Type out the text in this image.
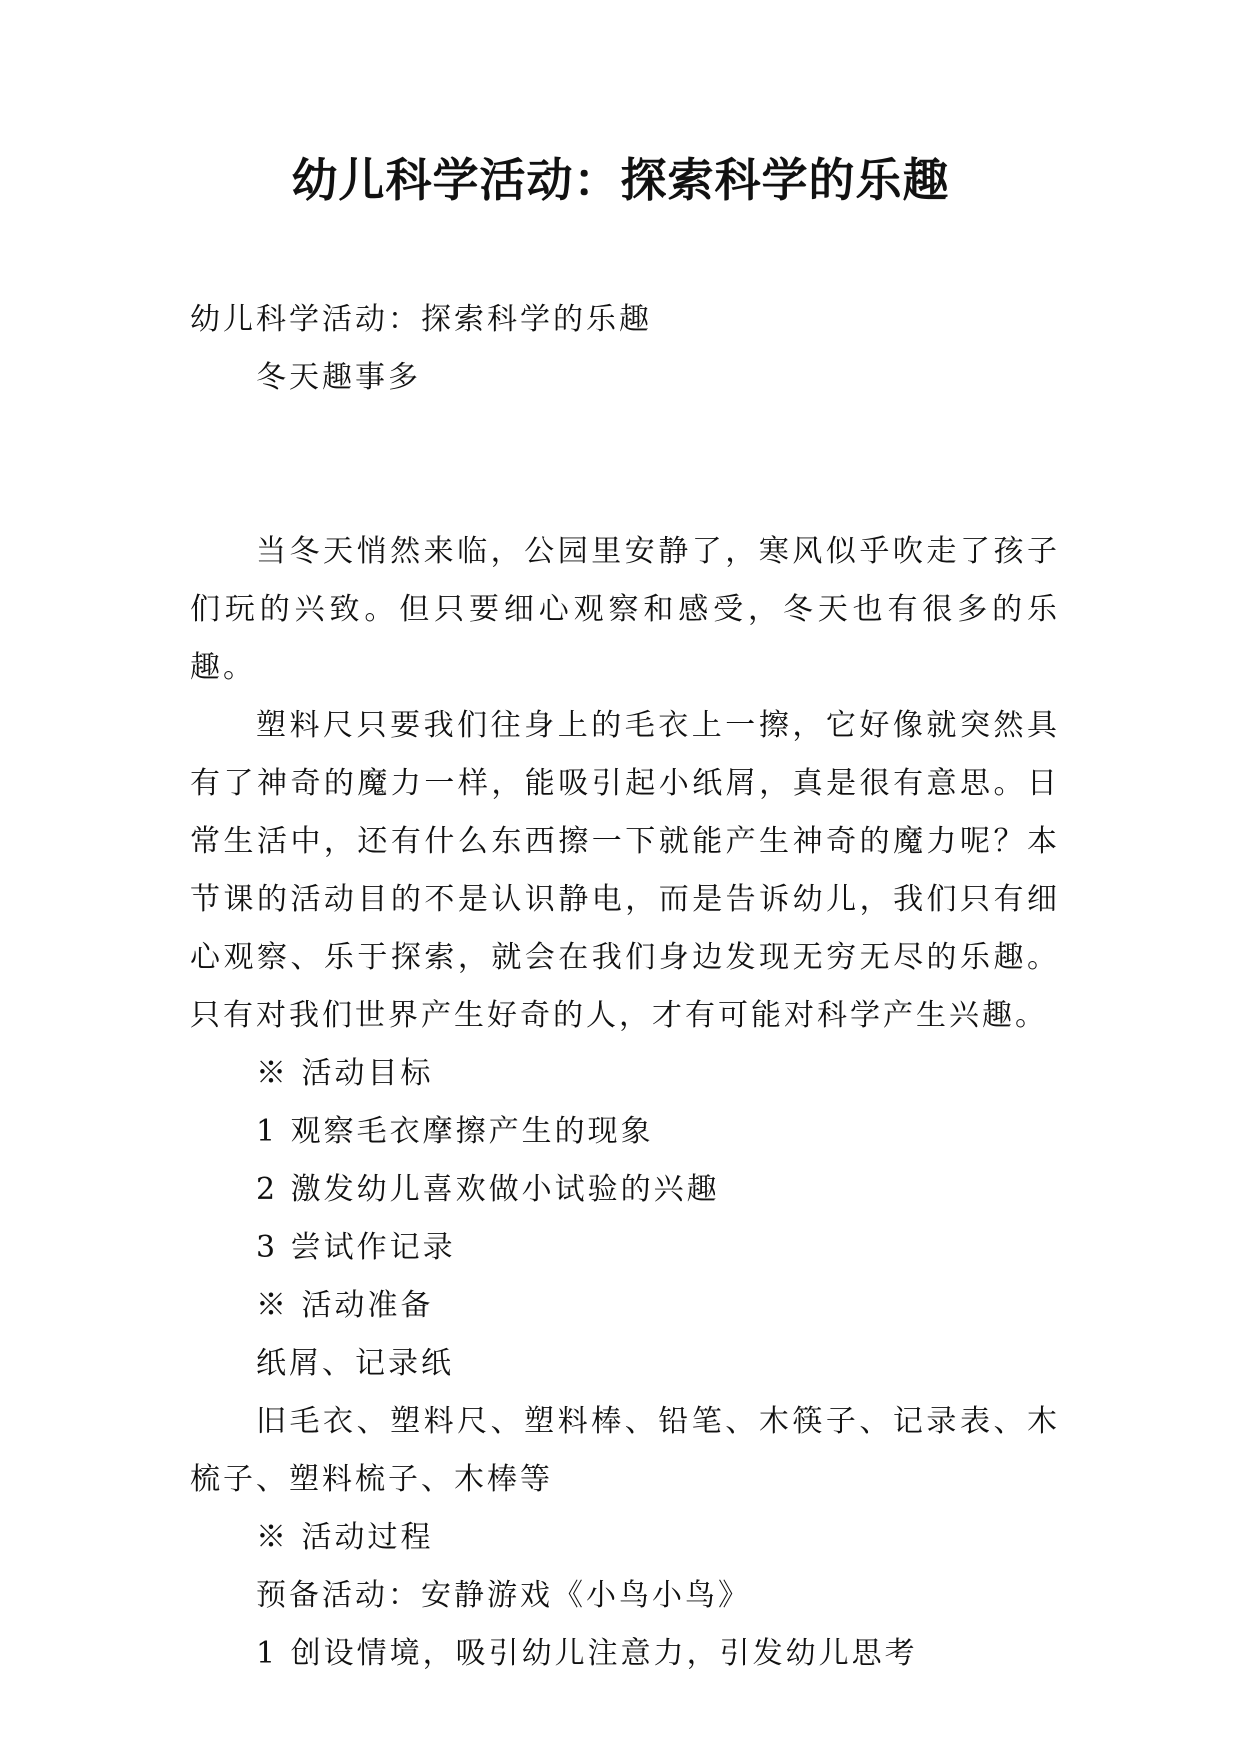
幼儿科学活动：探索科学的乐趣

幼儿科学活动：探索科学的乐趣

冬天趣事多

当冬天悄然来临，公园里安静了，寒风似乎吹走了孩子们玩的兴致。但只要细心观察和感受，冬天也有很多的乐趣。

塑料尺只要我们往身上的毛衣上一擦，它好像就突然具有了神奇的魔力一样，能吸引起小纸屑，真是很有意思。日常生活中，还有什么东西擦一下就能产生神奇的魔力呢？本节课的活动目的不是认识静电，而是告诉幼儿，我们只有细心观察、乐于探索，就会在我们身边发现无穷无尽的乐趣。只有对我们世界产生好奇的人，才有可能对科学产生兴趣。

※ 活动目标

1 观察毛衣摩擦产生的现象

2 激发幼儿喜欢做小试验的兴趣

3 尝试作记录

※ 活动准备

纸屑、记录纸

旧毛衣、塑料尺、塑料棒、铅笔、木筷子、记录表、木梳子、塑料梳子、木棒等

※ 活动过程

预备活动：安静游戏《小鸟小鸟》

1 创设情境，吸引幼儿注意力，引发幼儿思考
